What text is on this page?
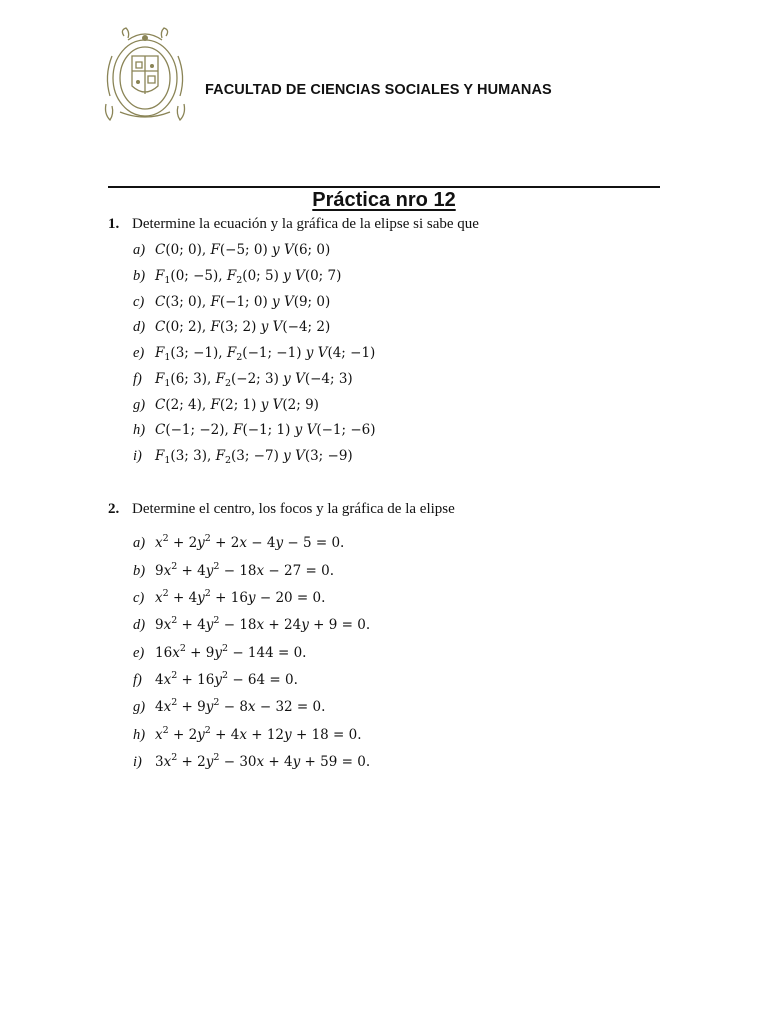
FACULTAD DE CIENCIAS SOCIALES Y HUMANAS
Práctica nro 12
1. Determine la ecuación y la gráfica de la elipse si sabe que
a) C(0; 0), F(−5; 0) y V(6; 0)
b) $F_1(0$; −5), $F_2(0$; 5) y V(0; 7)
c) C(3; 0), F(−1; 0) y V(9; 0)
d) C(0; 2), F(3; 2) y V(−4; 2)
e) $F_1(3$; −1), $F_2(-1$; −1) y V(4; −1)
f) $F_1(6$; 3), $F_2(-2$; 3) y V(−4; 3)
g) C(2; 4), F(2; 1) y V(2; 9)
h) C(−1; −2), F(−1; 1) y V(−1; −6)
i) $F_1(3$; 3), $F_2(3$; −7) y V(3; −9)
2. Determine el centro, los focos y la gráfica de la elipse
a) $x^2 + 2y^2 + 2x - 4y - 5 = 0$.
b) $9x^2 + 4y^2 - 18x - 27 = 0$.
c) $x^2 + 4y^2 + 16y - 20 = 0$.
d) $9x^2 + 4y^2 - 18x + 24y + 9 = 0$.
e) $16x^2 + 9y^2 - 144 = 0$.
f) $4x^2 + 16y^2 - 64 = 0$.
g) $4x^2 + 9y^2 - 8x - 32 = 0$.
h) $x^2 + 2y^2 + 4x + 12y + 18 = 0$.
i) $3x^2 + 2y^2 - 30x + 4y + 59 = 0$.
